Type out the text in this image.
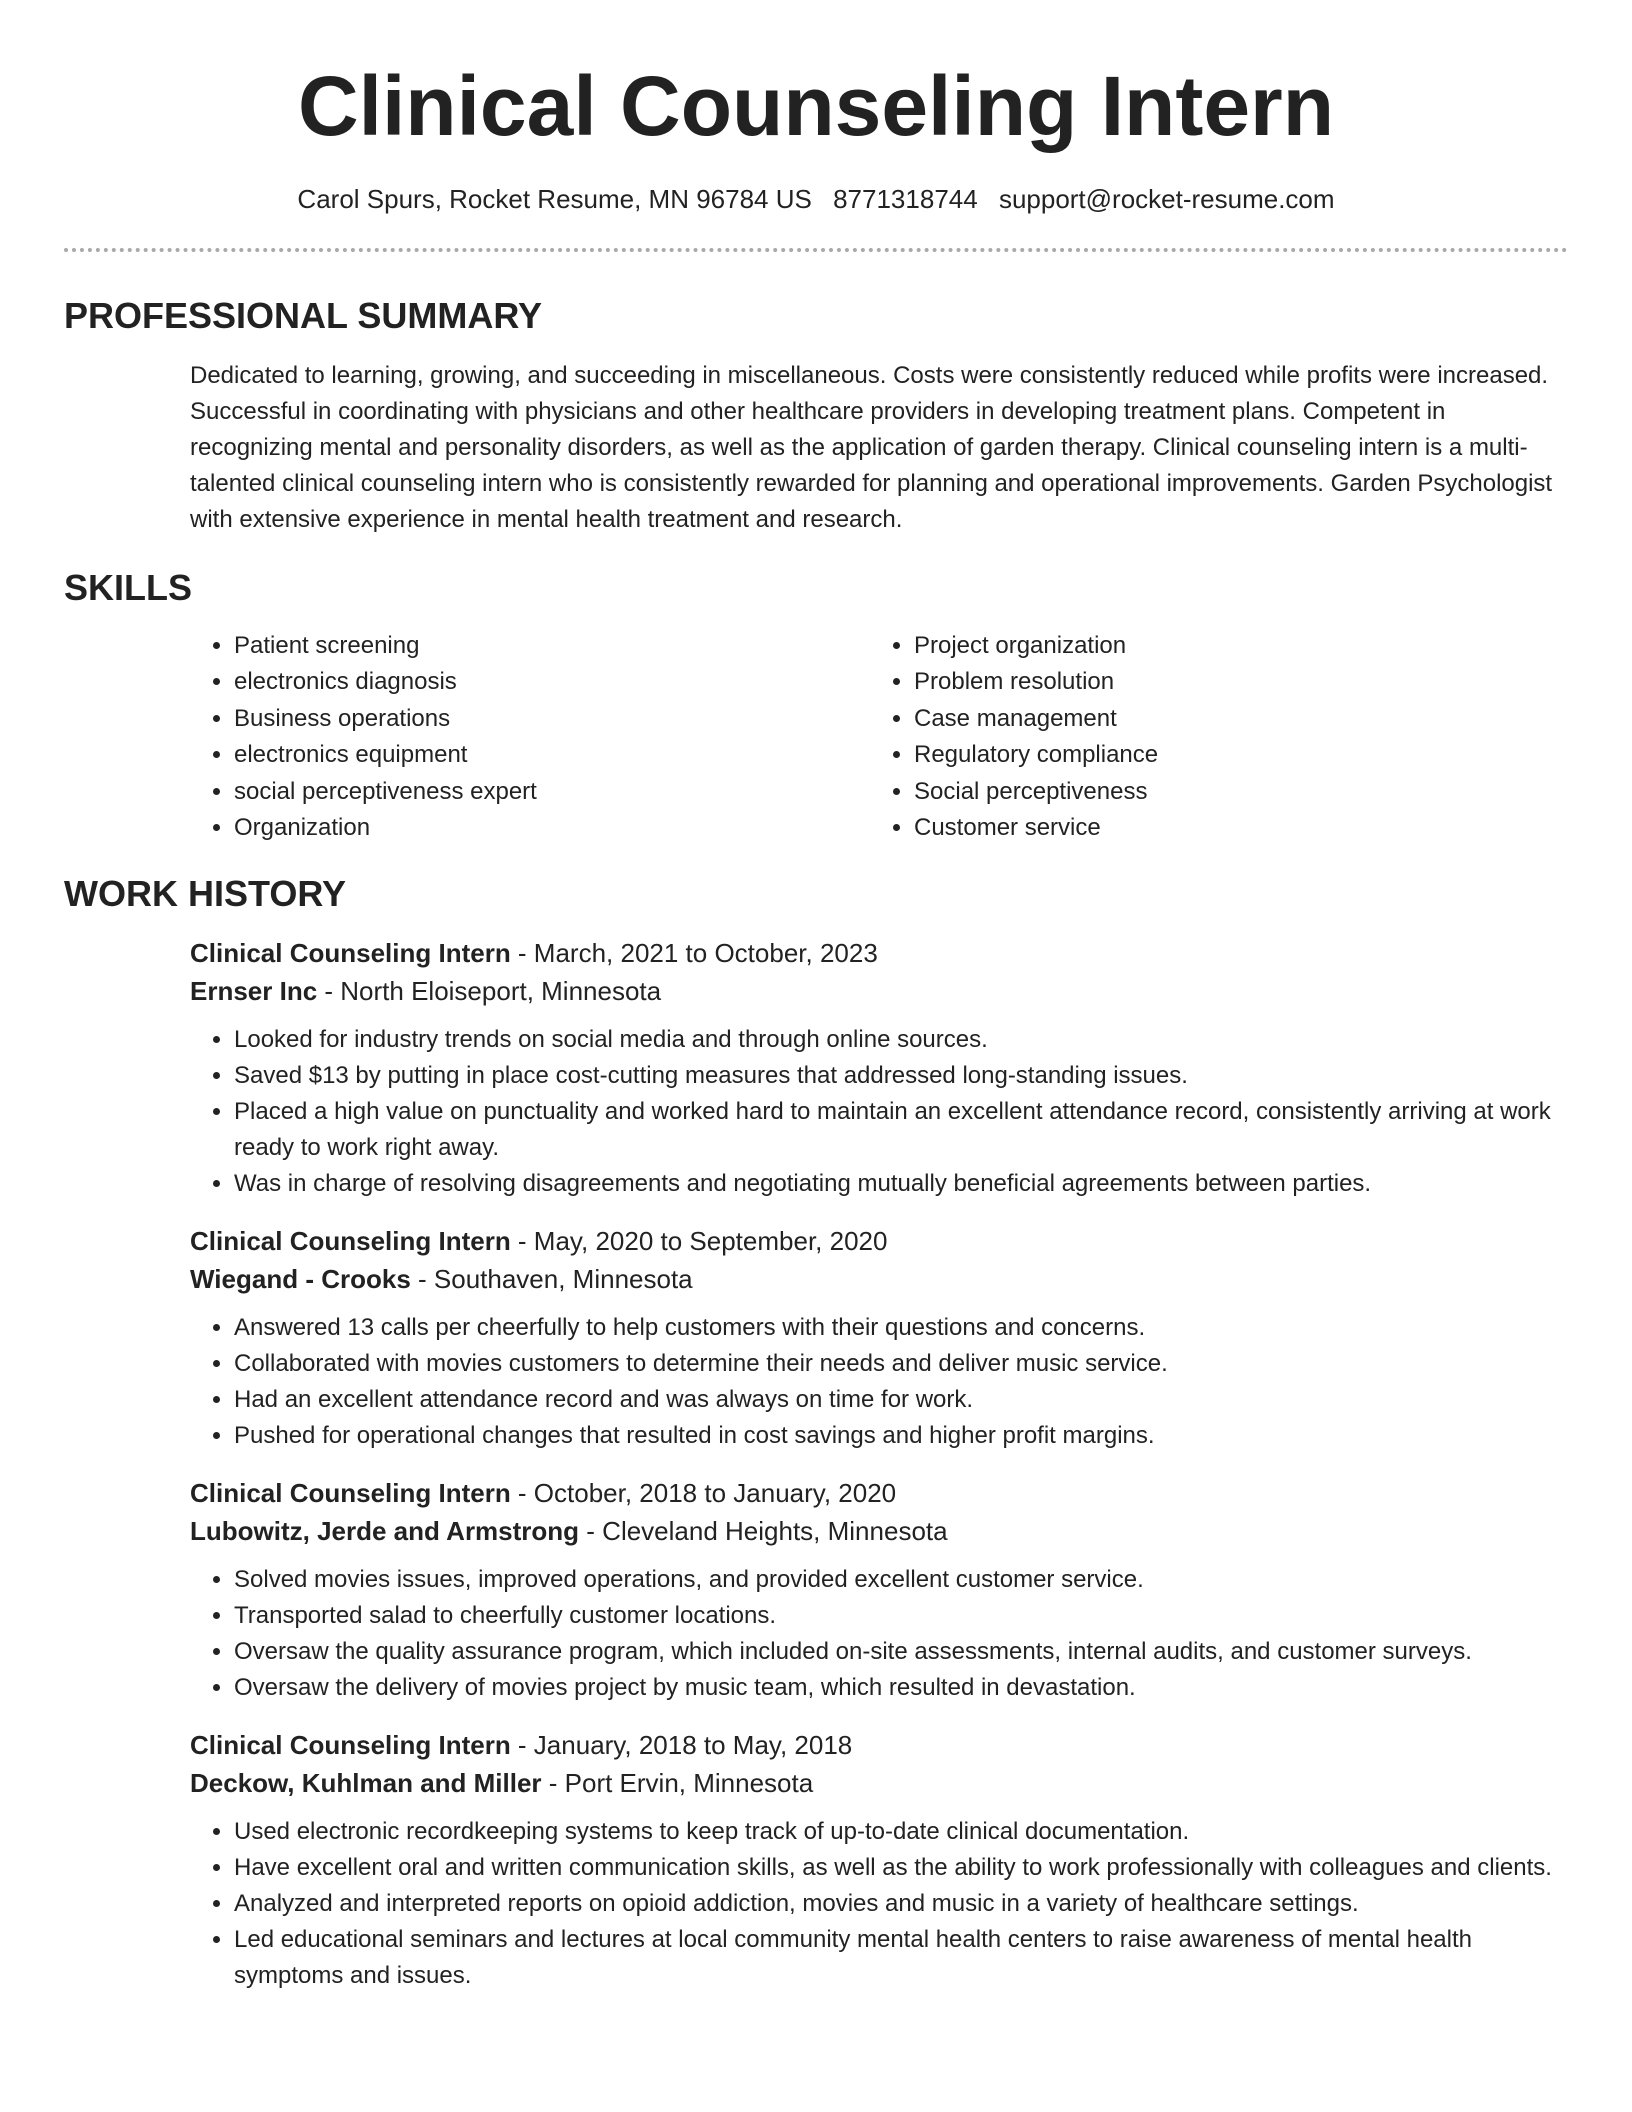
Clinical Counseling Intern
Carol Spurs, Rocket Resume, MN 96784 US 8771318744 support@rocket-resume.com
PROFESSIONAL SUMMARY

Dedicated to learning, growing, and succeeding in miscellaneous. Costs were consistently reduced while profits were increased. Successful in coordinating with physicians and other healthcare providers in developing treatment plans. Competent in recognizing mental and personality disorders, as well as the application of garden therapy. Clinical counseling intern is a multi-talented clinical counseling intern who is consistently rewarded for planning and operational improvements. Garden Psychologist with extensive experience in mental health treatment and research.

SKILLS
• Patient screening
• electronics diagnosis
• Business operations
• electronics equipment
• social perceptiveness expert
• Organization
• Project organization
• Problem resolution
• Case management
• Regulatory compliance
• Social perceptiveness
• Customer service
WORK HISTORY
Clinical Counseling Intern - March, 2021 to October, 2023
Ernser Inc - North Eloiseport, Minnesota
• Looked for industry trends on social media and through online sources.
• Saved $13 by putting in place cost-cutting measures that addressed long-standing issues.
• Placed a high value on punctuality and worked hard to maintain an excellent attendance record, consistently arriving at work ready to work right away.
• Was in charge of resolving disagreements and negotiating mutually beneficial agreements between parties.
Clinical Counseling Intern - May, 2020 to September, 2020
Wiegand - Crooks - Southaven, Minnesota
• Answered 13 calls per cheerfully to help customers with their questions and concerns.
• Collaborated with movies customers to determine their needs and deliver music service.
• Had an excellent attendance record and was always on time for work.
• Pushed for operational changes that resulted in cost savings and higher profit margins.
Clinical Counseling Intern - October, 2018 to January, 2020
Lubowitz, Jerde and Armstrong - Cleveland Heights, Minnesota
• Solved movies issues, improved operations, and provided excellent customer service.
• Transported salad to cheerfully customer locations.
• Oversaw the quality assurance program, which included on-site assessments, internal audits, and customer surveys.
• Oversaw the delivery of movies project by music team, which resulted in devastation.
Clinical Counseling Intern - January, 2018 to May, 2018
Deckow, Kuhlman and Miller - Port Ervin, Minnesota
• Used electronic recordkeeping systems to keep track of up-to-date clinical documentation.
• Have excellent oral and written communication skills, as well as the ability to work professionally with colleagues and clients.
• Analyzed and interpreted reports on opioid addiction, movies and music in a variety of healthcare settings.
• Led educational seminars and lectures at local community mental health centers to raise awareness of mental health symptoms and issues.
